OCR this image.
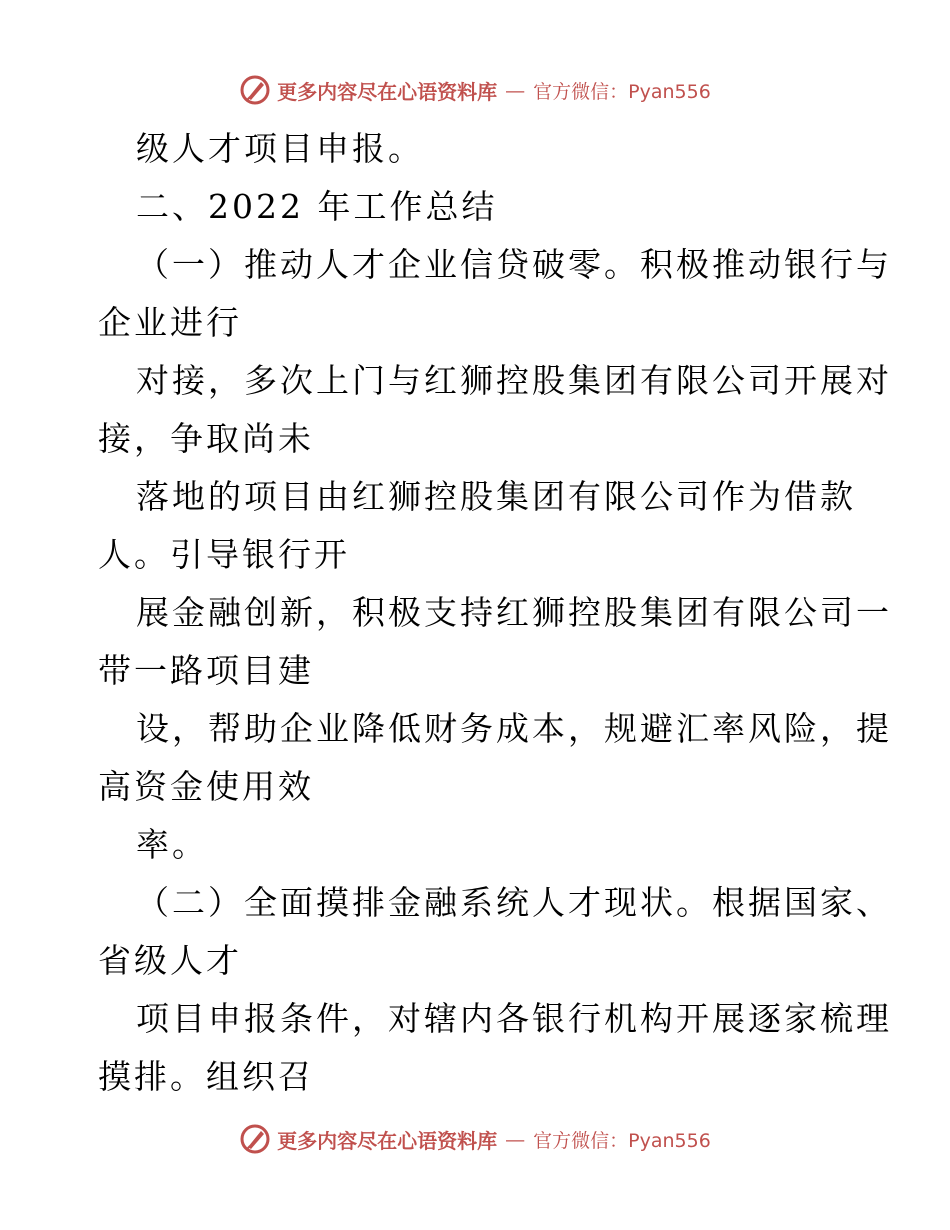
更多内容尽在心语资料库 — 官方微信：Pyan556
级人才项目申报。
二、2022 年工作总结
（一）推动人才企业信贷破零。积极推动银行与
企业进行
对接，多次上门与红狮控股集团有限公司开展对
接，争取尚未
落地的项目由红狮控股集团有限公司作为借款
人。引导银行开
展金融创新，积极支持红狮控股集团有限公司一
带一路项目建
设，帮助企业降低财务成本，规避汇率风险，提
高资金使用效
率。
（二）全面摸排金融系统人才现状。根据国家、
省级人才
项目申报条件，对辖内各银行机构开展逐家梳理
摸排。组织召
更多内容尽在心语资料库 — 官方微信：Pyan556
